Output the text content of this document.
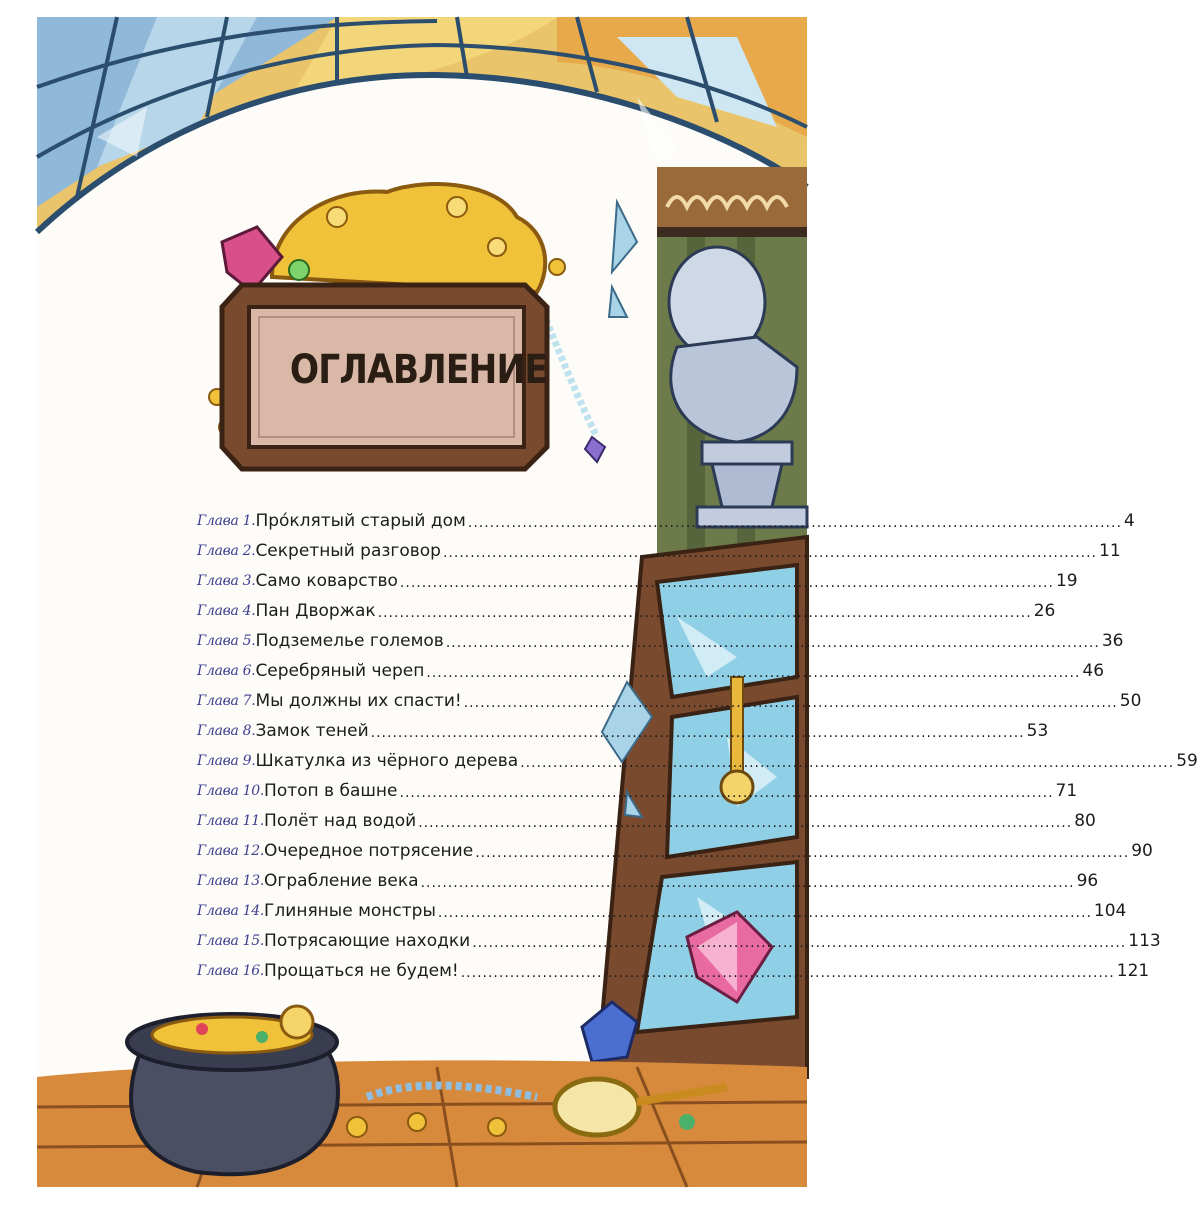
ОГЛАВЛЕНИЕ
Глава 1. Про́клятый старый дом ........................................................................................................................ 4
Глава 2. Секретный разговор ........................................................................................................................ 11
Глава 3. Само коварство ........................................................................................................................ 19
Глава 4. Пан Дворжак ........................................................................................................................ 26
Глава 5. Подземелье големов ........................................................................................................................ 36
Глава 6. Серебряный череп ........................................................................................................................ 46
Глава 7. Мы должны их спасти! ........................................................................................................................ 50
Глава 8. Замок теней ........................................................................................................................ 53
Глава 9. Шкатулка из чёрного дерева ........................................................................................................................ 59
Глава 10. Потоп в башне ........................................................................................................................ 71
Глава 11. Полёт над водой ........................................................................................................................ 80
Глава 12. Очередное потрясение ........................................................................................................................ 90
Глава 13. Ограбление века ........................................................................................................................ 96
Глава 14. Глиняные монстры ........................................................................................................................ 104
Глава 15. Потрясающие находки ........................................................................................................................ 113
Глава 16. Прощаться не будем! ........................................................................................................................ 121
